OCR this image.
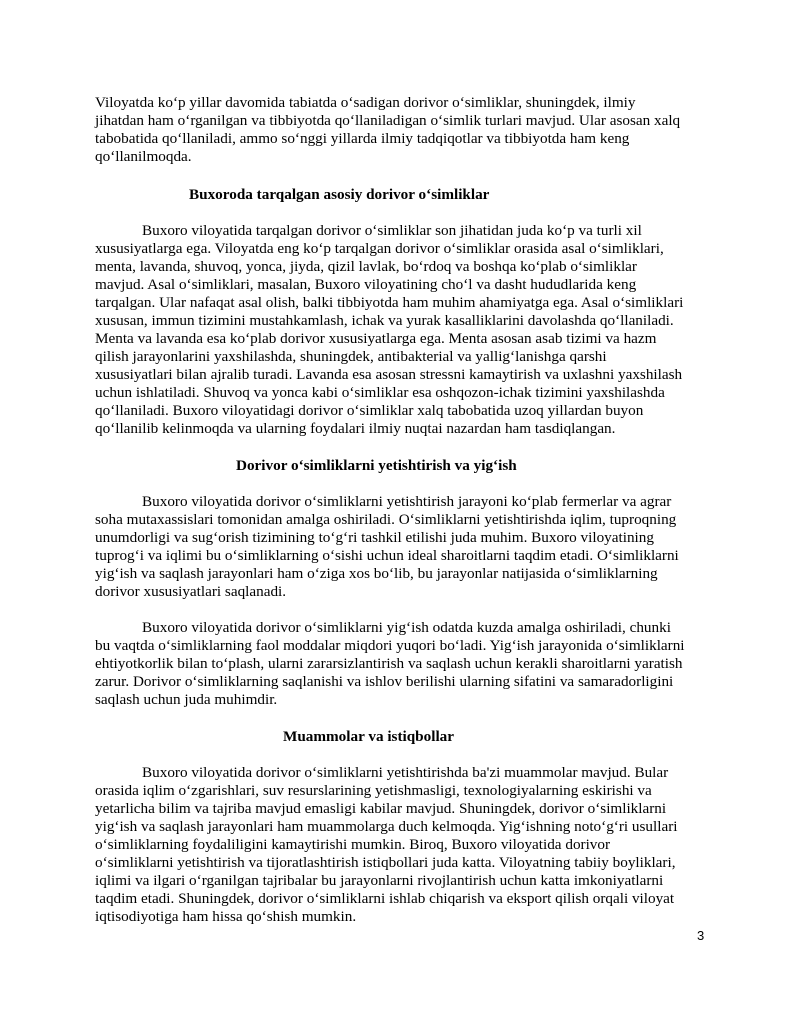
Viloyatda koʻp yillar davomida tabiatda oʻsadigan dorivor oʻsimliklar, shuningdek, ilmiy
jihatdan ham oʻrganilgan va tibbiyotda qoʻllaniladigan oʻsimlik turlari mavjud. Ular asosan xalq
tabobatida qoʻllaniladi, ammo soʻnggi yillarda ilmiy tadqiqotlar va tibbiyotda ham keng
qoʻllanilmoqda.

Buxoroda tarqalgan asosiy dorivor oʻsimliklar

Buxoro viloyatida tarqalgan dorivor oʻsimliklar son jihatidan juda koʻp va turli xil
xususiyatlarga ega. Viloyatda eng koʻp tarqalgan dorivor oʻsimliklar orasida asal oʻsimliklari,
menta, lavanda, shuvoq, yonca, jiyda, qizil lavlak, boʻrdoq va boshqa koʻplab oʻsimliklar
mavjud. Asal oʻsimliklari, masalan, Buxoro viloyatining choʻl va dasht hududlarida keng
tarqalgan. Ular nafaqat asal olish, balki tibbiyotda ham muhim ahamiyatga ega. Asal oʻsimliklari
xususan, immun tizimini mustahkamlash, ichak va yurak kasalliklarini davolashda qoʻllaniladi.
Menta va lavanda esa koʻplab dorivor xususiyatlarga ega. Menta asosan asab tizimi va hazm
qilish jarayonlarini yaxshilashda, shuningdek, antibakterial va yalligʻlanishga qarshi
xususiyatlari bilan ajralib turadi. Lavanda esa asosan stressni kamaytirish va uxlashni yaxshilash
uchun ishlatiladi. Shuvoq va yonca kabi oʻsimliklar esa oshqozon-ichak tizimini yaxshilashda
qoʻllaniladi. Buxoro viloyatidagi dorivor oʻsimliklar xalq tabobatida uzoq yillardan buyon
qoʻllanilib kelinmoqda va ularning foydalari ilmiy nuqtai nazardan ham tasdiqlangan.

Dorivor oʻsimliklarni yetishtirish va yigʻish

Buxoro viloyatida dorivor oʻsimliklarni yetishtirish jarayoni koʻplab fermerlar va agrar
soha mutaxassislari tomonidan amalga oshiriladi. Oʻsimliklarni yetishtirishda iqlim, tuproqning
unumdorligi va sugʻorish tizimining toʻgʻri tashkil etilishi juda muhim. Buxoro viloyatining
tuprogʻi va iqlimi bu oʻsimliklarning oʻsishi uchun ideal sharoitlarni taqdim etadi. Oʻsimliklarni
yigʻish va saqlash jarayonlari ham oʻziga xos boʻlib, bu jarayonlar natijasida oʻsimliklarning
dorivor xususiyatlari saqlanadi.

Buxoro viloyatida dorivor oʻsimliklarni yigʻish odatda kuzda amalga oshiriladi, chunki
bu vaqtda oʻsimliklarning faol moddalar miqdori yuqori boʻladi. Yigʻish jarayonida oʻsimliklarni
ehtiyotkorlik bilan toʻplash, ularni zararsizlantirish va saqlash uchun kerakli sharoitlarni yaratish
zarur. Dorivor oʻsimliklarning saqlanishi va ishlov berilishi ularning sifatini va samaradorligini
saqlash uchun juda muhimdir.

Muammolar va istiqbollar

Buxoro viloyatida dorivor oʻsimliklarni yetishtirishda ba'zi muammolar mavjud. Bular
orasida iqlim oʻzgarishlari, suv resurslarining yetishmasligi, texnologiyalarning eskirishi va
yetarlicha bilim va tajriba mavjud emasligi kabilar mavjud. Shuningdek, dorivor oʻsimliklarni
yigʻish va saqlash jarayonlari ham muammolarga duch kelmoqda. Yigʻishning notoʻgʻri usullari
oʻsimliklarning foydaliligini kamaytirishi mumkin. Biroq, Buxoro viloyatida dorivor
oʻsimliklarni yetishtirish va tijoratlashtirish istiqbollari juda katta. Viloyatning tabiiy boyliklari,
iqlimi va ilgari oʻrganilgan tajribalar bu jarayonlarni rivojlantirish uchun katta imkoniyatlarni
taqdim etadi. Shuningdek, dorivor oʻsimliklarni ishlab chiqarish va eksport qilish orqali viloyat
iqtisodiyotiga ham hissa qoʻshish mumkin.

3
